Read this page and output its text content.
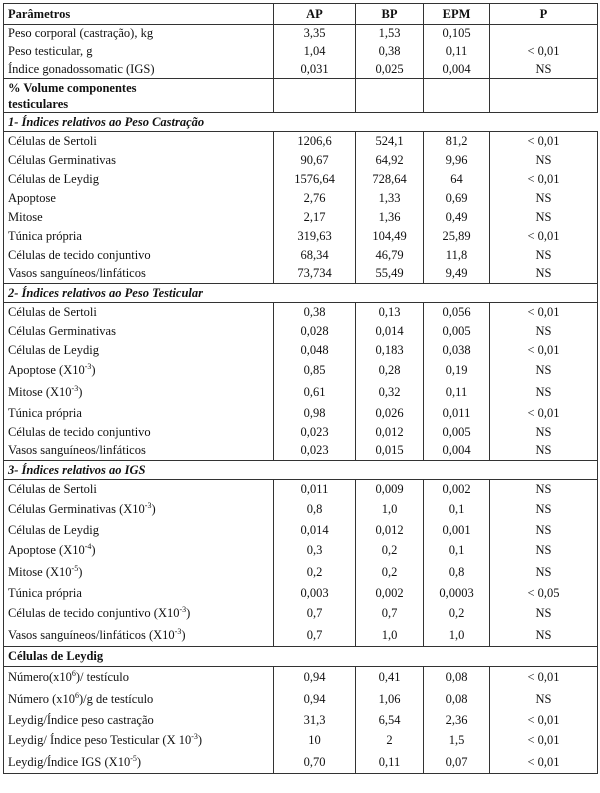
Parâmetros	AP	BP	EPM	P
Peso corporal (castração), kg	3,35	1,53	0,105	
Peso testicular, g	1,04	0,38	0,11	< 0,01
Índice gonadossomatic (IGS)	0,031	0,025	0,004	NS
% Volume componentes
testiculares				
1- Índices relativos ao Peso Castração				
Células de Sertoli	1206,6	524,1	81,2	< 0,01
Células Germinativas	90,67	64,92	9,96	NS
Células de Leydig	1576,64	728,64	64	< 0,01
Apoptose	2,76	1,33	0,69	NS
Mitose	2,17	1,36	0,49	NS
Túnica própria	319,63	104,49	25,89	< 0,01
Células de tecido conjuntivo	68,34	46,79	11,8	NS
Vasos sanguíneos/linfáticos	73,734	55,49	9,49	NS
2- Índices relativos ao Peso Testicular				
Células de Sertoli	0,38	0,13	0,056	< 0,01
Células Germinativas	0,028	0,014	0,005	NS
Células de Leydig	0,048	0,183	0,038	< 0,01
Apoptose $(X10^{-3})$	0,85	0,28	0,19	NS
Mitose $(X10^{-3})$	0,61	0,32	0,11	NS
Túnica própria	0,98	0,026	0,011	< 0,01
Células de tecido conjuntivo	0,023	0,012	0,005	NS
Vasos sanguíneos/linfáticos	0,023	0,015	0,004	NS
3- Índices relativos ao IGS				
Células de Sertoli	0,011	0,009	0,002	NS
Células Germinativas $(X10^{-3})$	0,8	1,0	0,1	NS
Células de Leydig	0,014	0,012	0,001	NS
Apoptose $(X10^{-4})$	0,3	0,2	0,1	NS
Mitose $(X10^{-5})$	0,2	0,2	0,8	NS
Túnica própria	0,003	0,002	0,0003	< 0,05
Células de tecido conjuntivo $(X10^{-3})$	0,7	0,7	0,2	NS
Vasos sanguíneos/linfáticos $(X10^{-3})$	0,7	1,0	1,0	NS
Células de Leydig				
$Número(x10^6)/$ testículo	0,94	0,41	0,08	< 0,01
Número $(x10^6)/g$ de testículo	0,94	1,06	0,08	NS
Leydig/Índice peso castração	31,3	6,54	2,36	< 0,01
Leydig/ Índice peso Testicular (X $10^{-3}$)	10	2	1,5	< 0,01
Leydig/Índice IGS $(X10^{-5})$	0,70	0,11	0,07	< 0,01
